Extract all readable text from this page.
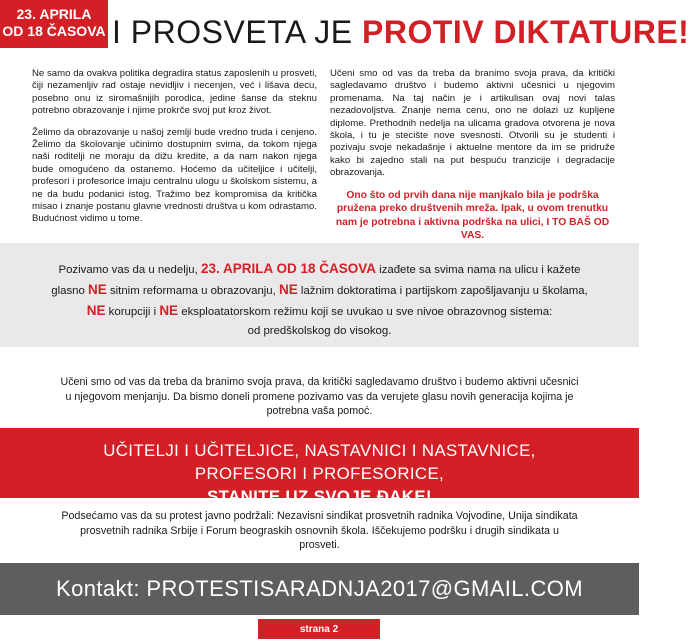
23. APRILA
OD 18 ČASOVA I PROSVETA JE PROTIV DIKTATURE!

Ne samo da ovakva politika degradira status zaposlenih u prosveti, čiji nezamenljiv rad ostaje nevidljiv i necenjen, već i lišava decu, posebno onu iz siromašnijih porodica, jedine šanse da steknu potrebno obrazovanje i njime prokrče svoj put kroz život.

Želimo da obrazovanje u našoj zemlji bude vredno truda i cenjeno. Želimo da školovanje učinimo dostupnim svima, da tokom njega naši roditelji ne moraju da dižu kredite, a da nam nakon njega bude omogućeno da ostanemo. Hoćemo da učiteljice i učitelji, profesori i profesorice imaju centralnu ulogu u školskom sistemu, a ne da budu podanici istog. Tražimo bez kompromisa da kritička misao i znanje postanu glavne vrednosti društva u kom odrastamo. Budućnost vidimo u tome.

Učeni smo od vas da treba da branimo svoja prava, da kritički sagledavamo društvo i budemo aktivni učesnici u njegovim promenama. Na taj način je i artikulisan ovaj novi talas nezadovoljstva. Znanje nema cenu, ono ne dolazi uz kupljene diplome. Prethodnih nedelja na ulicama gradova otvorena je nova škola, i tu je stecište nove svesnosti. Otvorili su je studenti i pozivaju svoje nekadašnje i aktuelne mentore da im se pridruže kako bi zajedno stali na put bespuću tranzicije i degradacije obrazovanja.

Ono što od prvih dana nije manjkalo bila je podrška pružena preko društvenih mreža. Ipak, u ovom trenutku nam je potrebna i aktivna podrška na ulici, I TO BAŠ OD VAS.

Pozivamo vas da u nedelju, 23. APRILA OD 18 ČASOVA izađete sa svima nama na ulicu i kažete
glasno NE sitnim reformama u obrazovanju, NE lažnim doktoratima i partijskom zapošljavanju u školama,
NE korupciji i NE eksploatatorskom režimu koji se uvukao u sve nivoe obrazovnog sistema:
od predškolskog do visokog.
Učeni smo od vas da treba da branimo svoja prava, da kritički sagledavamo društvo i budemo aktivni učesnici u njegovom menjanju. Da bismo doneli promene pozivamo vas da verujete glasu novih generacija kojima je potrebna vaša pomoć.
UČITELJI I UČITELJICE, NASTAVNICI I NASTAVNICE,
PROFESORI I PROFESORICE,
STANITE UZ SVOJE ĐAKE!
Podsećamo vas da su protest javno podržali: Nezavisni sindikat prosvetnih radnika Vojvodine, Unija sindikata prosvetnih radnika Srbije i Forum beograskih osnovnih škola. Iščekujemo podršku i drugih sindikata u prosveti.
Kontakt: PROTESTISARADNJA2017@GMAIL.COM
strana 2
